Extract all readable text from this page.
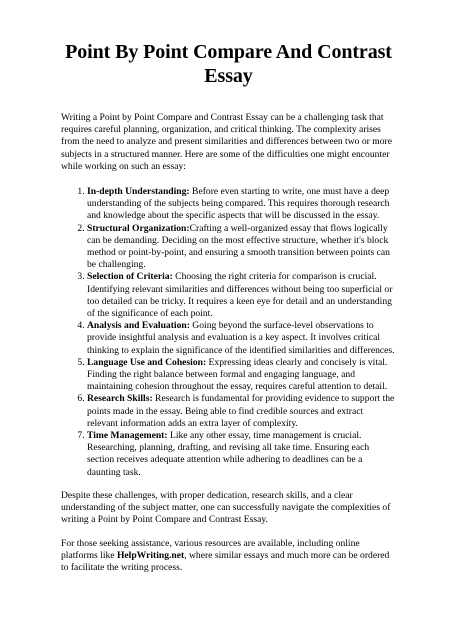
Point By Point Compare And Contrast Essay

Writing a Point by Point Compare and Contrast Essay can be a challenging task that requires careful planning, organization, and critical thinking. The complexity arises from the need to analyze and present similarities and differences between two or more subjects in a structured manner. Here are some of the difficulties one might encounter while working on such an essay:

1. In-depth Understanding: Before even starting to write, one must have a deep understanding of the subjects being compared. This requires thorough research and knowledge about the specific aspects that will be discussed in the essay.
2. Structural Organization:Crafting a well-organized essay that flows logically can be demanding. Deciding on the most effective structure, whether it's block method or point-by-point, and ensuring a smooth transition between points can be challenging.
3. Selection of Criteria: Choosing the right criteria for comparison is crucial. Identifying relevant similarities and differences without being too superficial or too detailed can be tricky. It requires a keen eye for detail and an understanding of the significance of each point.
4. Analysis and Evaluation: Going beyond the surface-level observations to provide insightful analysis and evaluation is a key aspect. It involves critical thinking to explain the significance of the identified similarities and differences.
5. Language Use and Cohesion: Expressing ideas clearly and concisely is vital. Finding the right balance between formal and engaging language, and maintaining cohesion throughout the essay, requires careful attention to detail.
6. Research Skills: Research is fundamental for providing evidence to support the points made in the essay. Being able to find credible sources and extract relevant information adds an extra layer of complexity.
7. Time Management: Like any other essay, time management is crucial. Researching, planning, drafting, and revising all take time. Ensuring each section receives adequate attention while adhering to deadlines can be a daunting task.

Despite these challenges, with proper dedication, research skills, and a clear understanding of the subject matter, one can successfully navigate the complexities of writing a Point by Point Compare and Contrast Essay.

For those seeking assistance, various resources are available, including online platforms like HelpWriting.net, where similar essays and much more can be ordered to facilitate the writing process.
